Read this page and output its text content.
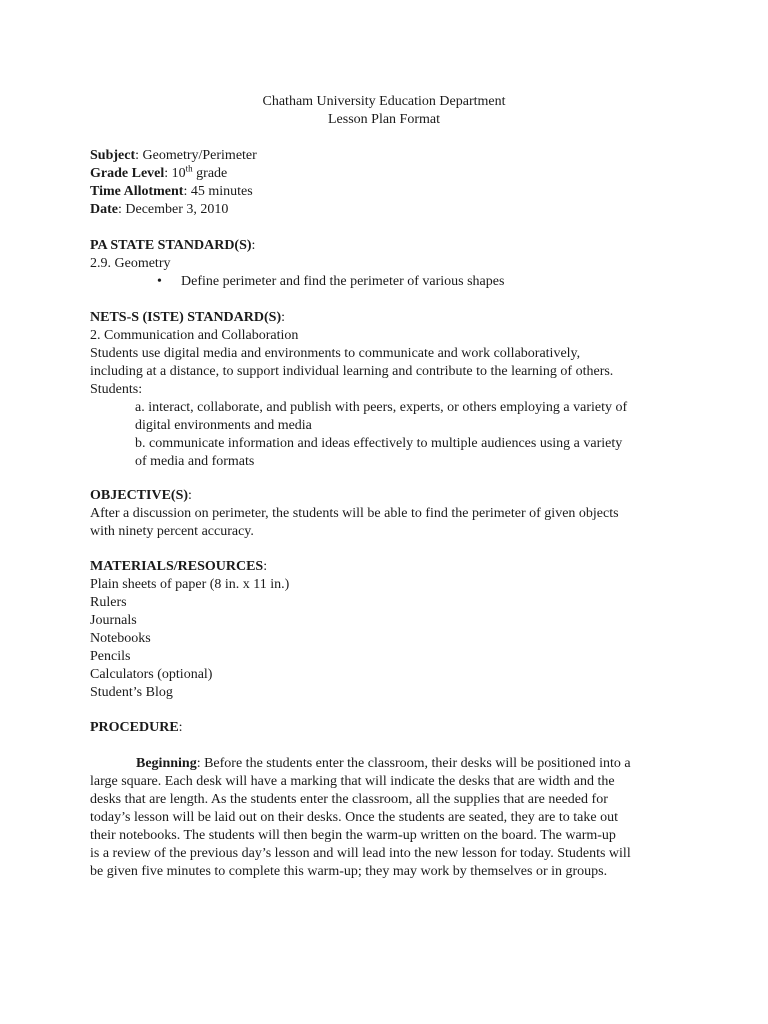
Chatham University Education Department
Lesson Plan Format
Subject: Geometry/Perimeter
Grade Level: 10th grade
Time Allotment: 45 minutes
Date: December 3, 2010
PA STATE STANDARD(S):
2.9. Geometry
• Define perimeter and find the perimeter of various shapes
NETS-S (ISTE) STANDARD(S):
2. Communication and Collaboration
Students use digital media and environments to communicate and work collaboratively,
including at a distance, to support individual learning and contribute to the learning of others.
Students:
a. interact, collaborate, and publish with peers, experts, or others employing a variety of
digital environments and media
b. communicate information and ideas effectively to multiple audiences using a variety
of media and formats
OBJECTIVE(S):
After a discussion on perimeter, the students will be able to find the perimeter of given objects
with ninety percent accuracy.
MATERIALS/RESOURCES:
Plain sheets of paper (8 in. x 11 in.)
Rulers
Journals
Notebooks
Pencils
Calculators (optional)
Student’s Blog
PROCEDURE:
Beginning: Before the students enter the classroom, their desks will be positioned into a
large square. Each desk will have a marking that will indicate the desks that are width and the
desks that are length. As the students enter the classroom, all the supplies that are needed for
today’s lesson will be laid out on their desks. Once the students are seated, they are to take out
their notebooks. The students will then begin the warm-up written on the board. The warm-up
is a review of the previous day’s lesson and will lead into the new lesson for today. Students will
be given five minutes to complete this warm-up; they may work by themselves or in groups.
